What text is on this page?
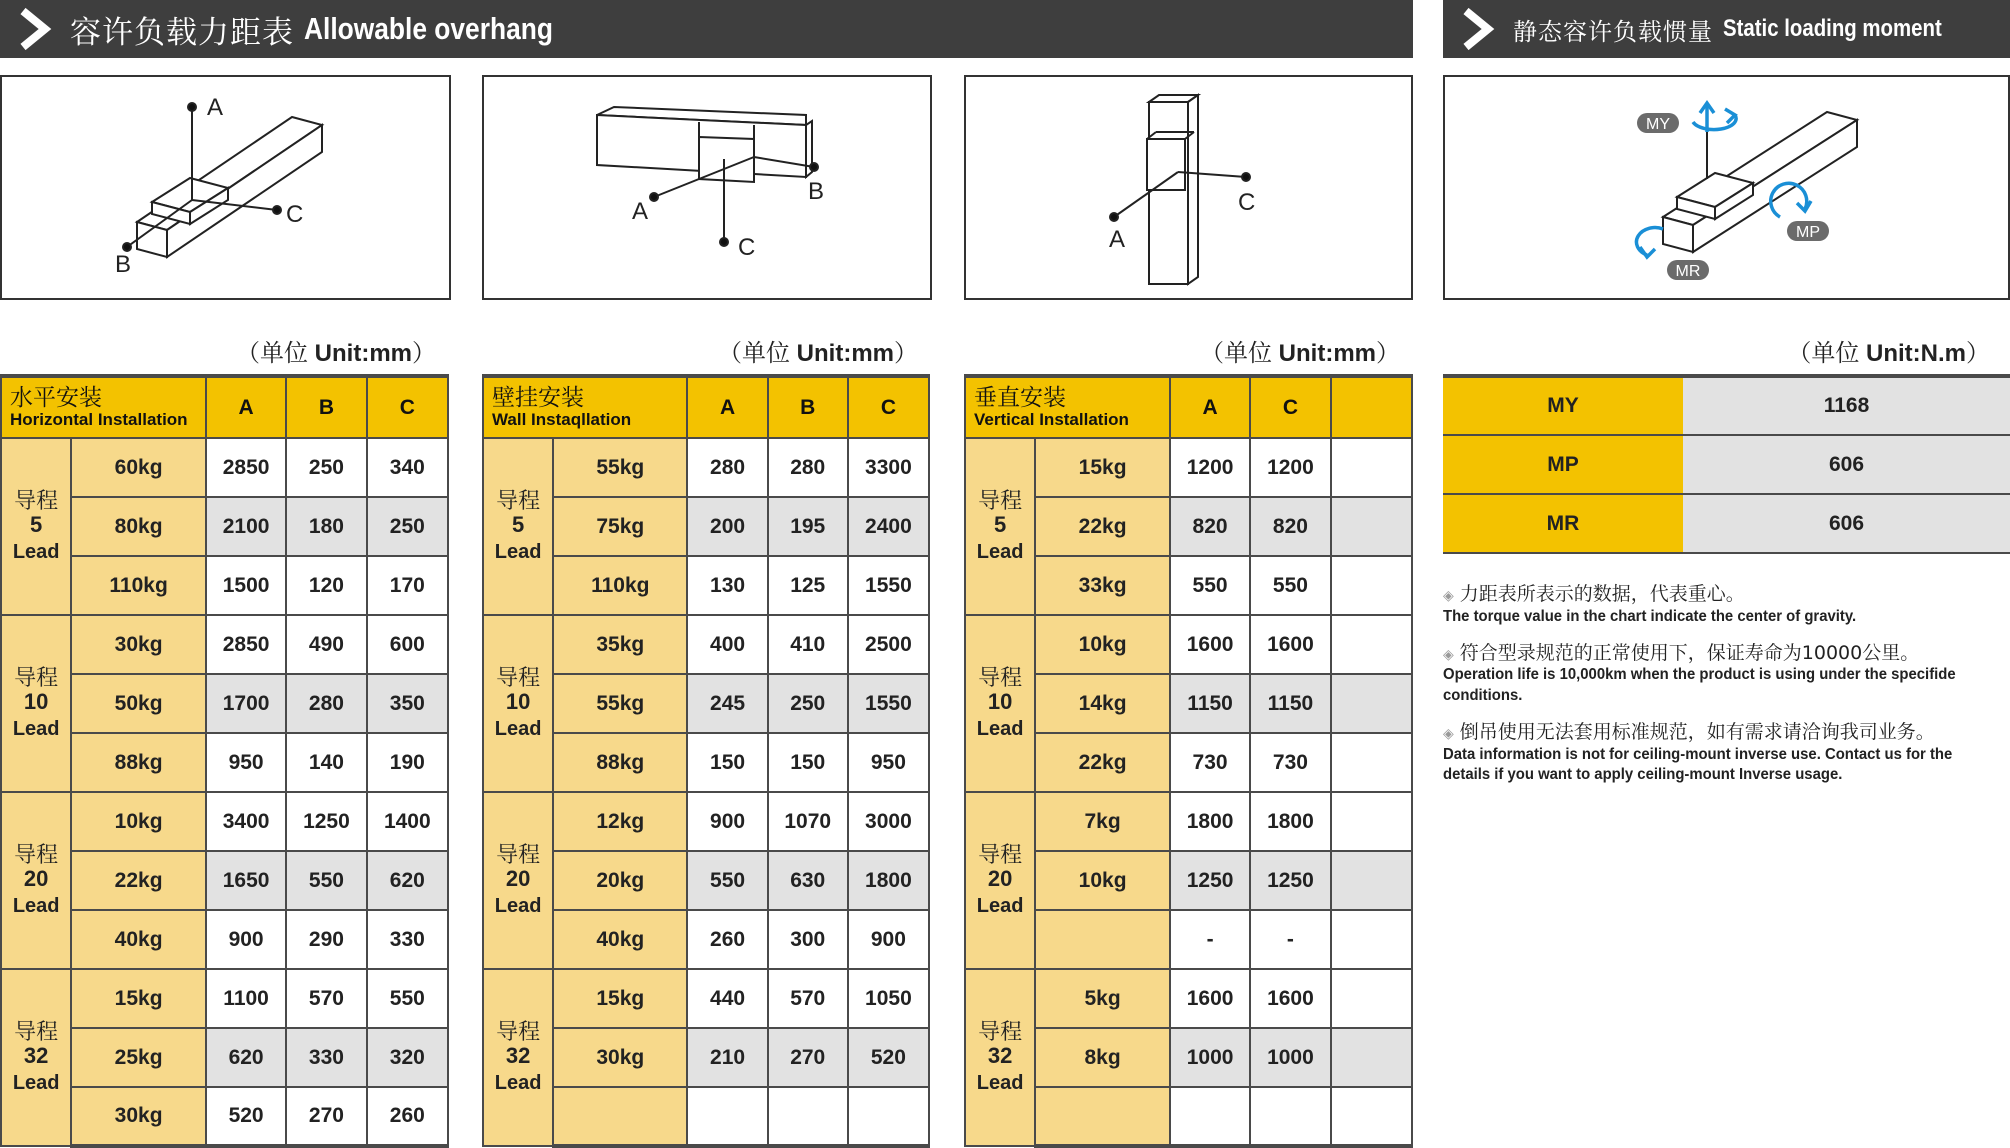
容许负载力距表 Allowable overhang	静态容许负载惯量 Static loading moment
A
B
C	A
B
C	A
C
MY
MP
MR
（单位 Unit:mm）	（单位 Unit:mm）	（单位 Unit:mm）	（单位 Unit:N.m）
水平安装
Horizontal Installation		A	B	C

导程
5
Lead	60kg	2850	250	340
	80kg	2100	180	250
	110kg	1500	120	170

导程
10
Lead	30kg	2850	490	600
	50kg	1700	280	350
	88kg	950	140	190

导程
20
Lead	10kg	3400	1250	1400
	22kg	1650	550	620
	40kg	900	290	330

导程
32
Lead	15kg	1100	570	550
	25kg	620	330	320
	30kg	520	270	260
壁挂安装
Wall Instaqllation		A	B	C

导程
5
Lead	55kg	280	280	3300
	75kg	200	195	2400
	110kg	130	125	1550

导程
10
Lead	35kg	400	410	2500
	55kg	245	250	1550
	88kg	150	150	950

导程
20
Lead	12kg	900	1070	3000
	20kg	550	630	1800
	40kg	260	300	900

导程
32
Lead	15kg	440	570	1050
	30kg	210	270	520

垂直安装
Vertical Installation		A	C	

导程
5
Lead	15kg	1200	1200	
	22kg	820	820	
	33kg	550	550	

导程
10
Lead	10kg	1600	1600	
	14kg	1150	1150	
	22kg	730	730	

导程
20
Lead	7kg	1800	1800	
	10kg	1250	1250	
		-	-	

导程
32
Lead	5kg	1600	1600	
	8kg	1000	1000	

MY	1168
MP	606
MR	606
◈ 力距表所表示的数据，代表重心。
The torque value in the chart indicate the center of gravity.
◈ 符合型录规范的正常使用下，保证寿命为10000公里。
Operation life is 10,000km when the product is using under the specifide conditions.
◈ 倒吊使用无法套用标准规范，如有需求请洽询我司业务。
Data information is not for ceiling-mount inverse use. Contact us for the details if you want to apply ceiling-mount Inverse usage.
